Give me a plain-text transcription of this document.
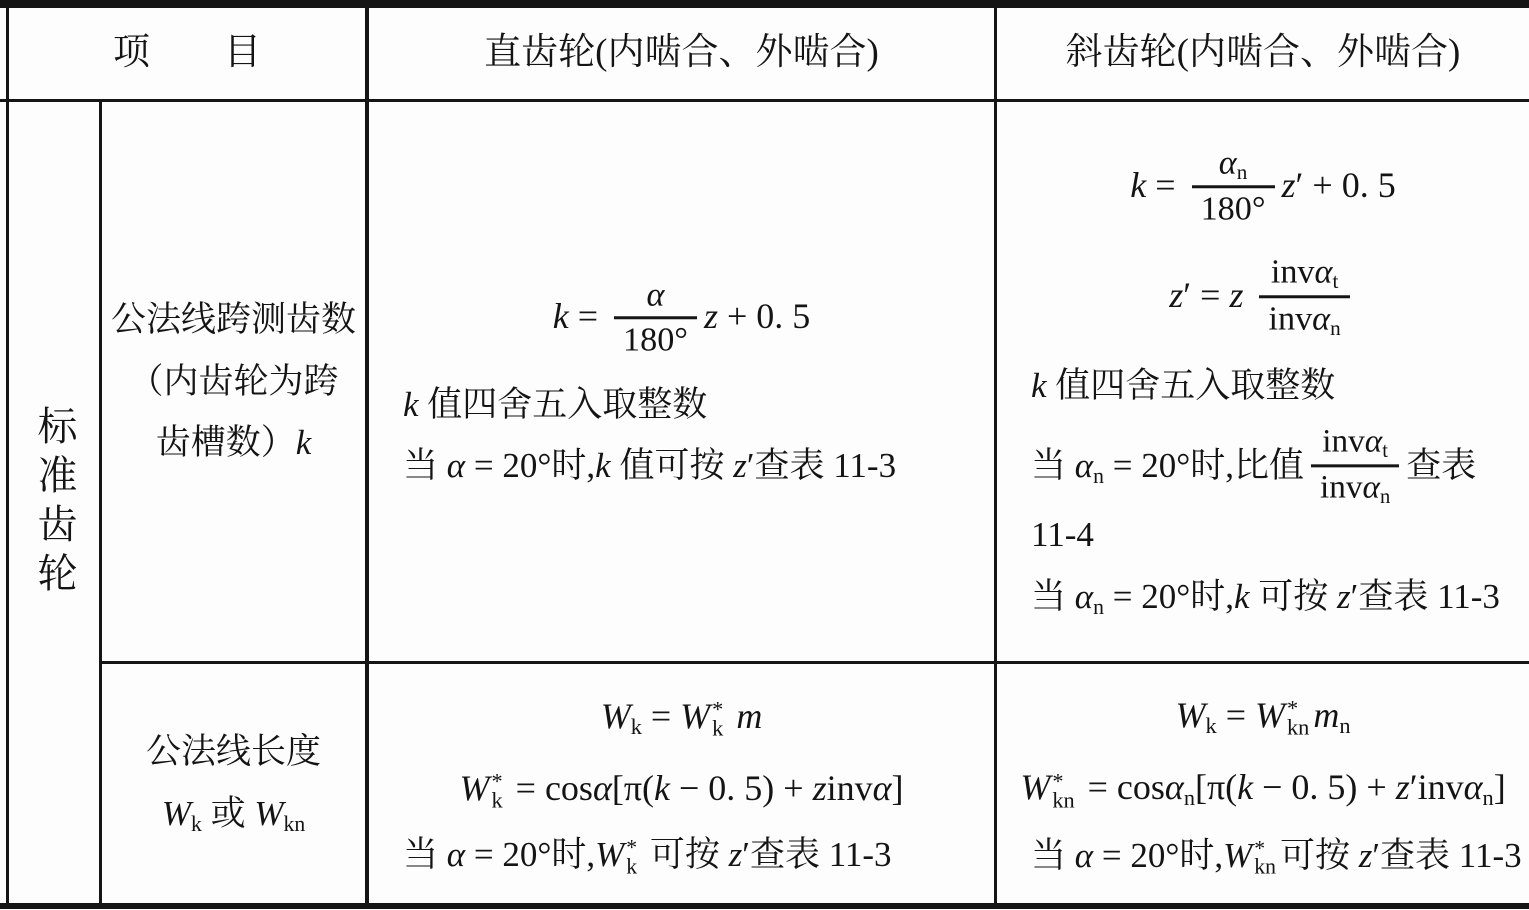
项　　目	直齿轮(内啮合、外啮合)	斜齿轮(内啮合、外啮合)
标准齿轮
公法线跨测齿数
（内齿轮为跨
齿槽数）k
$k = \frac{\alpha}{180^\circ}$ z + 0. 5
k 值四舍五入取整数
当 α = 20°时,k 值可按 z′查表 11-3
$k = \frac{\alpha n}{180^\circ} z' + 0$. 5
z′ = z $\frac{\text{invαt}}{\text{invαn}}$
k 值四舍五入取整数
当 αn = 20°时,比值 $\frac{\text{invαt}}{\text{invαn}}$ 查表 11-4
当 αn = 20°时,k 可按 z′查表 11-3
公法线长度
Wk 或 Wkn
Wk = W *
k m
W *
k = cosα[π(k − 0. 5) + zinvα]
当 α = 20°时,W *
k 可按 z′查表 11-3
Wk = W *
kn mn
W *
kn = cosαn[π(k − 0. 5) + z′invαn]
当 α = 20°时,W *
kn 可按 z′查表 11-3
